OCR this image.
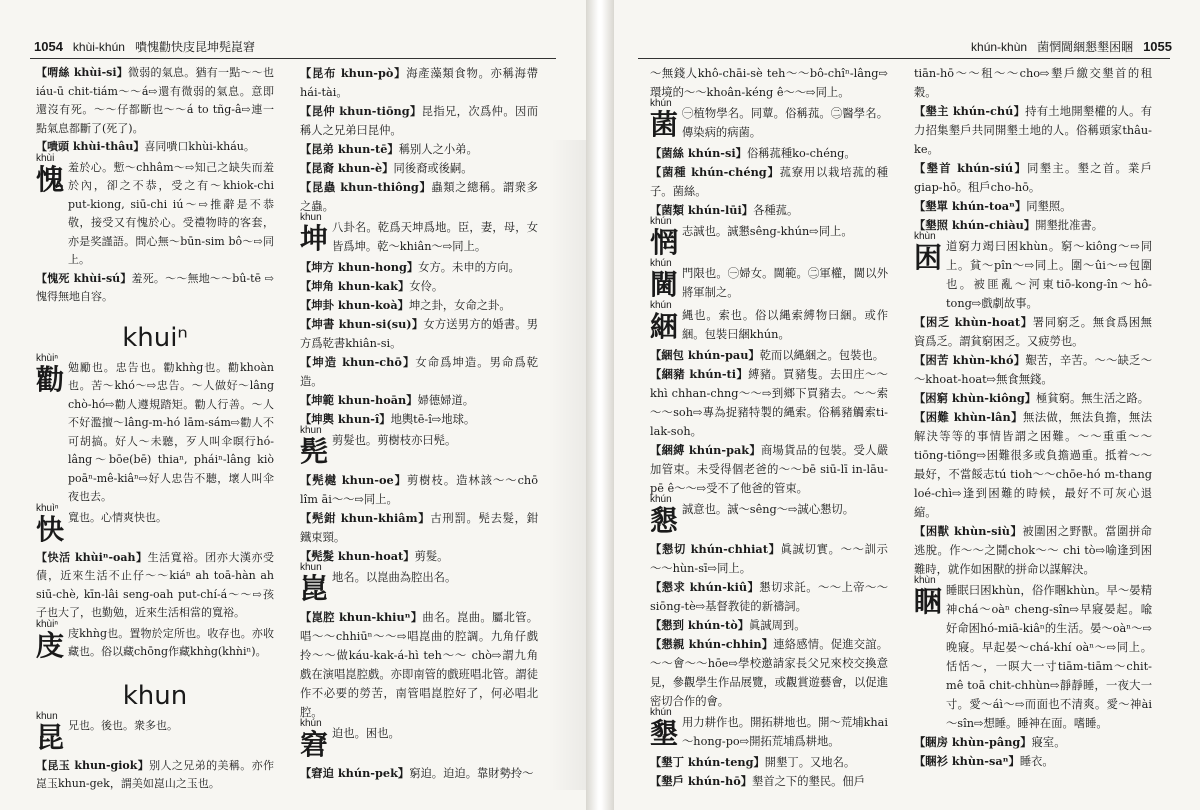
1054 khùi-khún 嘳愧勸快庋昆坤髡崑窘

【喟絲 khùi-si】微弱的氣息。猶有一點～～也iáu-ū chit-tiám～～á⇨還有微弱的氣息。意即還沒有死。～～仔都斷也～～á to tñg-â⇨連一點氣息都斷了(死了)。

【嘳頭 khùi-thâu】喜同嘳口khùi-kháu。

khùi
愧 羞於心。慙～chhâm～⇨知己之缺失而羞於內，卻之不恭，受之有～khiok-chi put-kiong, siū-chi iú～⇨推辭是不恭敬，接受又有愧於心。受禮物時的客套，亦是奖謹語。問心無～būn-sim bô～⇨同上。

【愧死 khùi-sú】羞死。～～無地～～bû-tē ⇨愧得無地自容。

khuiⁿ
khùiⁿ
勸 勉勵也。忠告也。勸khǹg也。勸khoàn也。苦～khó～⇨忠告。～人做好～lâng chò-hó⇨勸人遵規踏矩。勸人行善。～人不好濫擅～lâng-m-hó lām-sám⇨勸人不可胡搞。好人～未聽，歹人叫伞暝行hó-lâng～bōe(bē) thiaⁿ, pháiⁿ-lâng kiò poāⁿ-mê-kiâⁿ⇨好人忠告不聽，壞人叫伞夜也去。
khuìⁿ
快 寬也。心情爽快也。

【快活 khùiⁿ-oah】生活寬裕。团亦大漢亦受債，近來生活不止仔～～kiáⁿ ah toā-hàn ah siū-chè, kīn-lâi seng-oah put-chí-á～～⇨孩子也大了，也勤勉，近來生活相當的寬裕。

khùiⁿ
庋 庋khǹg也。置物於定所也。收存也。亦收藏也。俗以藏chōng作藏khǹg(khǹiⁿ)。
khun
khun
昆 兄也。後也。衆多也。

【昆玉 khun-giok】别人之兄弟的美稱。亦作崑玉khun-gek，謂美如崑山之玉也。

【昆布 khun-pò】海產藻類食物。亦稱海帶hái-tài。

【昆仲 khun-tiōng】昆指兄，次爲仲。因而稱人之兄弟曰昆仲。

【昆弟 khun-tē】稱别人之小弟。

【昆裔 khun-è】同後裔或後嗣。

【昆蟲 khun-thiông】蟲類之總稱。謂衆多之蟲。

khun
坤 八卦名。乾爲天坤爲地。臣，妻，母，女皆爲坤。乾～khiân～⇨同上。

【坤方 khun-hong】女方。未申的方向。

【坤角 khun-kak】女伶。

【坤卦 khun-koà】坤之卦，女命之卦。

【坤書 khun-si(su)】女方送男方的婚書。男方爲乾書khiân-si。

【坤造 khun-chō】女命爲坤造。男命爲乾造。

【坤範 khun-hoān】婦德婦道。

【坤輿 khun-î】地輿tē-î⇨地球。

khun
髡 剪髮也。剪樹枝亦曰髡。

【髡樾 khun-oe】剪樹枝。造林該～～chō lîm āi～～⇨同上。

【髡鉗 khun-khiâm】古刑罰。髡去髮，鉗鐵束頸。

【髡髮 khun-hoat】剪髮。

khun
崑 地名。以崑曲為腔出名。

【崑腔 khun-khiuⁿ】曲名。崑曲。屬北管。唱～～chhiūⁿ～～⇨唱崑曲的腔調。九角仔戲拎～～做káu-kak-á-hì teh～～ chò⇨謂九角戲在演唱崑腔戲。亦即南管的戲班唱北管。謂徒作不必要的勞苦，南管唱崑腔好了，何必唱北腔。

khún
窘 迫也。困也。

【窘迫 khún-pek】窮迫。迫迫。靠財勢拎～

khún-khùn 菌惘閫綑懇墾困睏 1055

～無錢人khô-chāi-sè teh～～bô-chîⁿ-lâng⇨環境的～～khoân-kéng ê～～⇨同上。

khún
菌 ㊀植物學名。同蕈。俗稱菰。㊁醫學名。傳染病的病菌。

【菌絲 khún-si】俗稱菰種ko-chéng。

【菌種 khún-chéng】菰寮用以栽培菰的種子。菌絲。

【菌類 khún-lūi】各種菰。

khún
惘 志誠也。誠懇sêng-khún⇨同上。
khún
閫 門限也。㊀婦女。閫範。㊁軍權，閫以外將軍制之。
khún
綑 縄也。索也。俗以縄索縛物曰綑。或作綑。包裝曰綑khún。

【綑包 khún-pau】乾而以縄綑之。包裝也。

【綑豬 khún-ti】縛豬。買豬隻。去田庄～～khì chhan-chng～～⇨到鄉下買豬去。～～索～～soh⇨專為捉豬特製的縄索。俗稱豬觸索ti-lak-soh。

【綑縛 khún-pak】商場貨品的包裝。受人嚴加管束。未受得個老爸的～～bē siū-lī in-lāu-pē ê～～⇨受不了他爸的管束。

khún
懇 誠意也。誠～sêng～⇨誠心懇切。

【懇切 khún-chhiat】眞誠切實。～～訓示～～hùn-sī⇨同上。

【懇求 khún-kiû】懇切求託。～～上帝～～siōng-tè⇨基督教徒的新禱詞。

【懇到 khún-tò】眞誠周到。

【懇親 khún-chhin】連絡感情。促進交誼。～～會～～hōe⇨學校邀請家長父兄來校交換意見，參觀學生作品展覽，或觀賞遊藝會，以促進密切合作的會。

khún
墾 用力耕作也。開拓耕地也。開～荒埔khai～hong-po⇨開拓荒埔爲耕地。

【墾丁 khún-teng】開墾丁。又地名。

【墾戶 khún-hō】墾首之下的墾民。佃戶

tiān-hō～～租～～cho⇨墾戶繳交墾首的租穀。

【墾主 khún-chú】持有土地開墾權的人。有力招集墾戶共同開墾土地的人。俗稱頭家thâu-ke。

【墾首 khún-siú】同墾主。墾之首。業戶giap-hō。租戶cho-hō。

【墾單 khún-toaⁿ】同墾照。

【墾照 khún-chiàu】開墾批准書。

khùn
困 道窮力竭曰困khùn。窮～kiông～⇨同上。貧～pîn～⇨同上。圍～ûi～⇨包圍也。被匪亂～河東tiō-kong-în～hô-tong⇨戲劇故事。

【困乏 khùn-hoat】署同窮乏。無食爲困無資爲乏。謂貧窮困乏。又疲勞也。

【困苦 khùn-khó】艱苦，辛苦。～～缺乏～～khoat-hoat⇨無食無錢。

【困窮 khùn-kiông】極貧窮。無生活之路。

【困難 khùn-lân】無法做，無法負擔，無法解決等等的事情皆謂之困難。～～重重～～tiōng-tiōng⇨困難很多或負擔過重。抵着～～最好，不當餒志tú tioh～～chōe-hó m-thang loé-chì⇨逢到困難的時候，最好不可灰心退縮。

【困獸 khùn-siù】被圍困之野獸。當圍拼命逃脫。作～～之鬪chok～～ chi tò⇨喻逢到困難時，就作如困獸的拼命以謀解決。

khùn
睏 睡眠曰困khùn，俗作睏khùn。早～晏精神chá～oàⁿ cheng-sîn⇨早寢晏起。喩好命困hó-miā-kiâⁿ的生活。晏～oàⁿ～⇨晚寢。早起晏～chá-khí oàⁿ～⇨同上。恬恬～，一暝大一寸tiām-tiām～chit-mê toā chit-chhùn⇨靜靜睡，一夜大一寸。愛～áì～⇨而面也不清爽。愛～神ài～sîn⇨想睡。睡神在面。嗜睡。

【睏房 khùn-pâng】寢室。

【睏衫 khùn-saⁿ】睡衣。
